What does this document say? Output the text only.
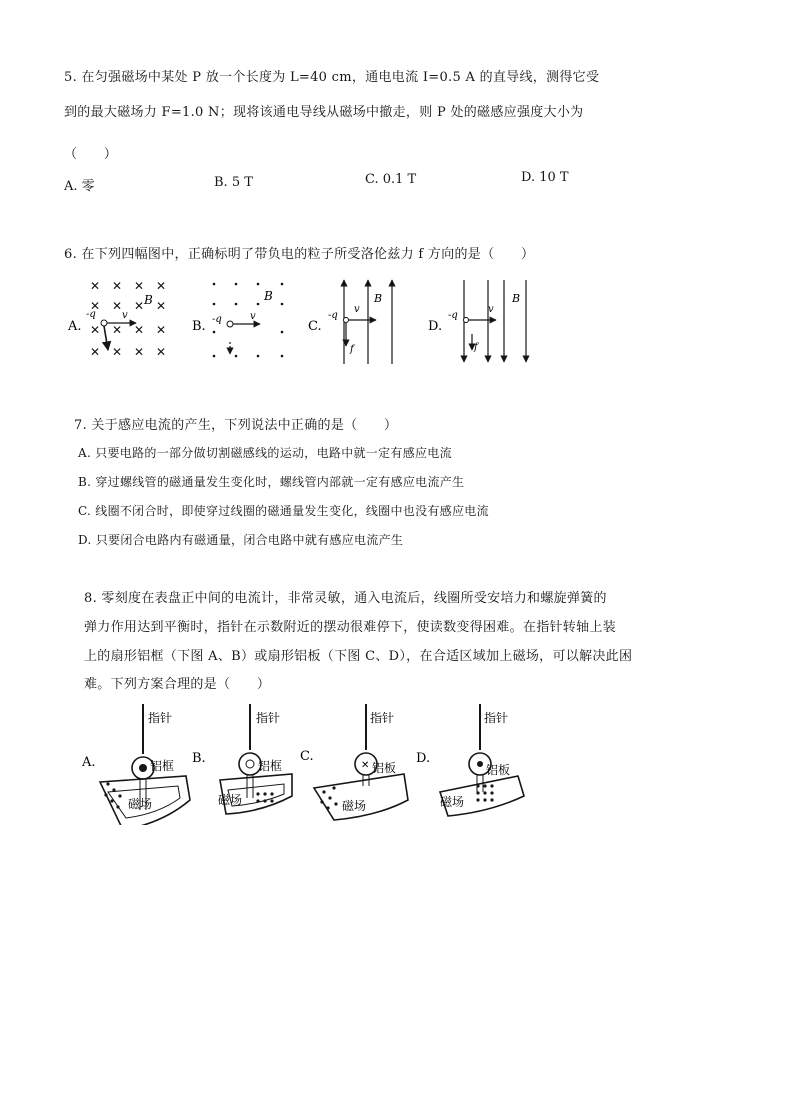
5. 在匀强磁场中某处 P 放一个长度为 L=40 cm，通电电流 I=0.5 A 的直导线，测得它受
到的最大磁场力 F=1.0 N；现将该通电导线从磁场中撤走，则 P 处的磁感应强度大小为
（　　）
A. 零	B. 5 T	C. 0.1 T	D. 10 T
6. 在下列四幅图中，正确标明了带负电的粒子所受洛伦兹力 f 方向的是（　　）
A.
✕ ✕ ✕ ✕
✕ ✕ ✕ ✕
✕ ✕ ✕ ✕
✕ ✕ ✕ ✕
-q	v
B
B. -q	v
B
C.
-q
v
B
f
D.
-q
v
B
f
7. 关于感应电流的产生，下列说法中正确的是（　　）
A. 只要电路的一部分做切割磁感线的运动，电路中就一定有感应电流
B. 穿过螺线管的磁通量发生变化时，螺线管内部就一定有感应电流产生
C. 线圈不闭合时，即使穿过线圈的磁通量发生变化，线圈中也没有感应电流
D. 只要闭合电路内有磁通量，闭合电路中就有感应电流产生
8. 零刻度在表盘正中间的电流计，非常灵敏，通入电流后，线圈所受安培力和螺旋弹簧的
弹力作用达到平衡时，指针在示数附近的摆动很难停下，使读数变得困难。在指针转轴上装
上的扇形铝框（下图 A、B）或扇形铝板（下图 C、D），在合适区域加上磁场，可以解决此困
难。下列方案合理的是（　　）
A.
指针
铝框
磁场
B.
指针
铝框
磁场
C.
指针
✕ 铝板
磁场
D.
指针
铝板
磁场
